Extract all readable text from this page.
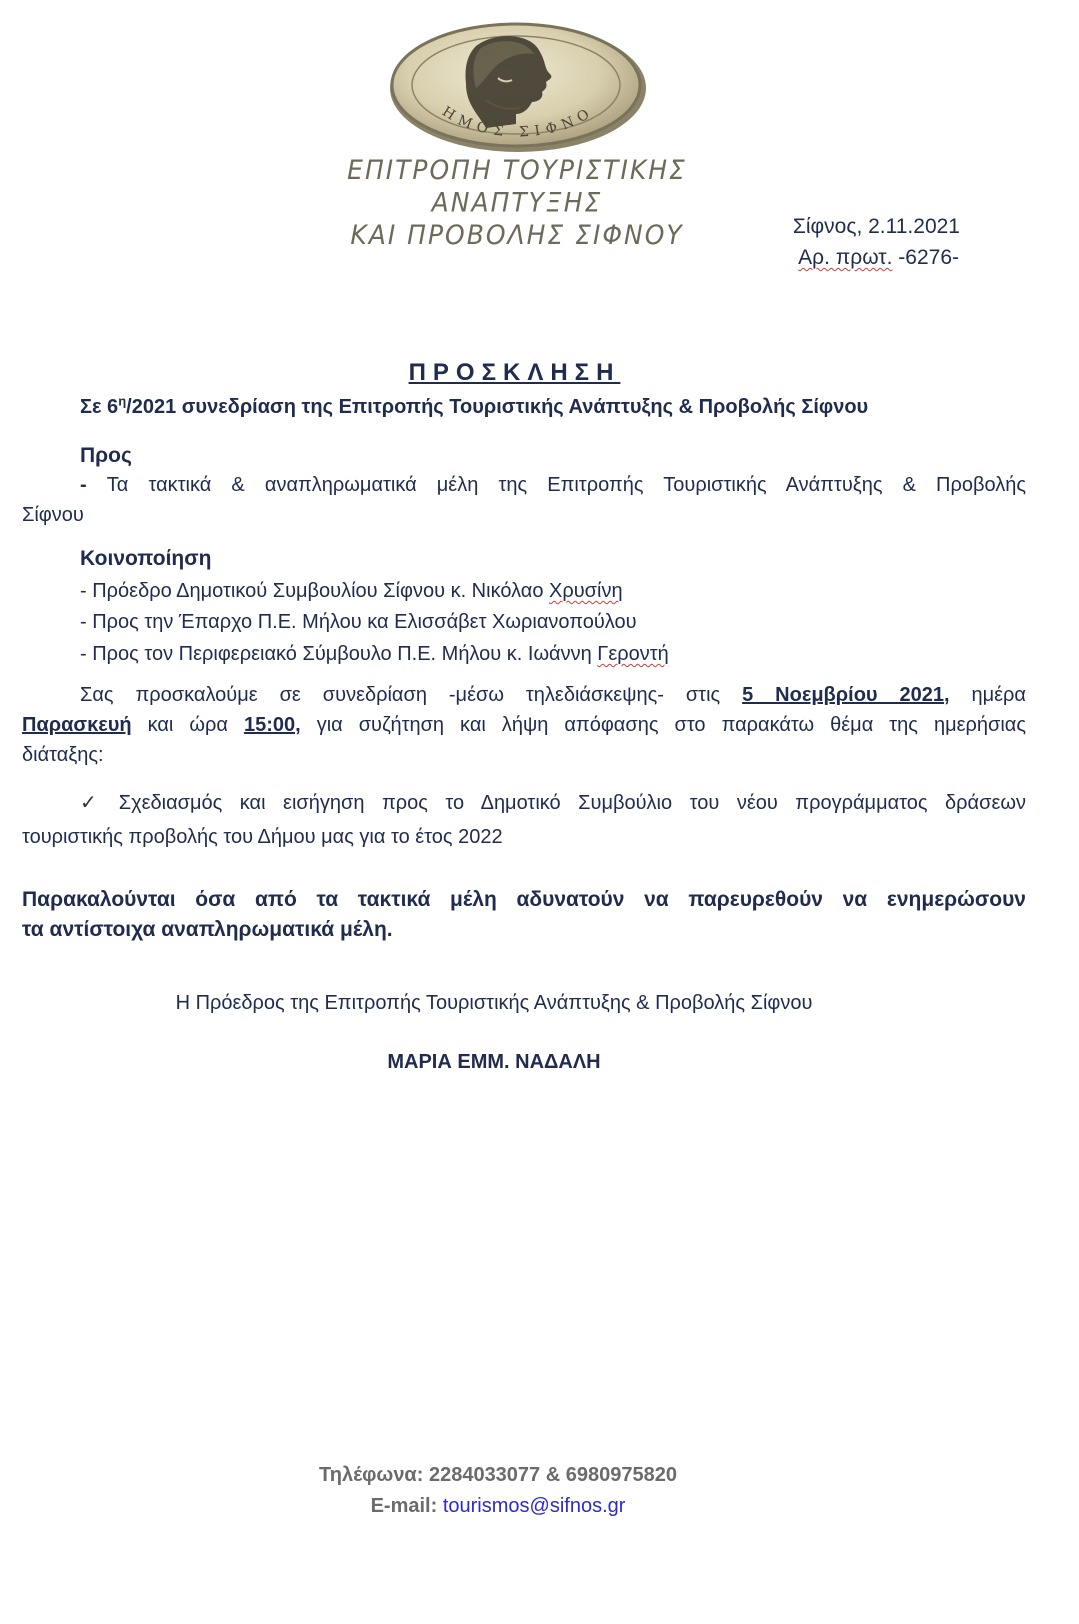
ΗΜΟΣ ΣΙΦΝΟ
ΕΠΙΤΡΟΠΗ ΤΟΥΡΙΣΤΙΚΗΣ ΑΝΑΠΤΥΞΗΣ
ΚΑΙ ΠΡΟΒΟΛΗΣ ΣΙΦΝΟΥ	Σίφνος, 2.11.2021
Αρ. πρωτ. -6276-
ΠΡΟΣΚΛΗΣΗ
Σε $6^\eta/2021$ συνεδρίαση της Επιτροπής Τουριστικής Ανάπτυξης & Προβολής Σίφνου
Προς
- Τα τακτικά & αναπληρωματικά μέλη της Επιτροπής Τουριστικής Ανάπτυξης & Προβολής
Σίφνου
Κοινοποίηση
- Πρόεδρο Δημοτικού Συμβουλίου Σίφνου κ. Νικόλαο Χρυσίνη
- Προς την Έπαρχο Π.Ε. Μήλου κα Ελισσάβετ Χωριανοπούλου
- Προς τον Περιφερειακό Σύμβουλο Π.Ε. Μήλου κ. Ιωάννη Γεροντή
Σας προσκαλούμε σε συνεδρίαση -μέσω τηλεδιάσκεψης- στις 5 Νοεμβρίου 2021, ημέρα
Παρασκευή και ώρα 15:00, για συζήτηση και λήψη απόφασης στο παρακάτω θέμα της ημερήσιας
διάταξης:
✓ Σχεδιασμός και εισήγηση προς το Δημοτικό Συμβούλιο του νέου προγράμματος δράσεων
τουριστικής προβολής του Δήμου μας για το έτος 2022
Παρακαλούνται όσα από τα τακτικά μέλη αδυνατούν να παρευρεθούν να ενημερώσουν
τα αντίστοιχα αναπληρωματικά μέλη.
Η Πρόεδρος της Επιτροπής Τουριστικής Ανάπτυξης & Προβολής Σίφνου
ΜΑΡΙΑ ΕΜΜ. ΝΑΔΑΛΗ
Τηλέφωνα: 2284033077 & 6980975820
E-mail: tourismos@sifnos.gr
